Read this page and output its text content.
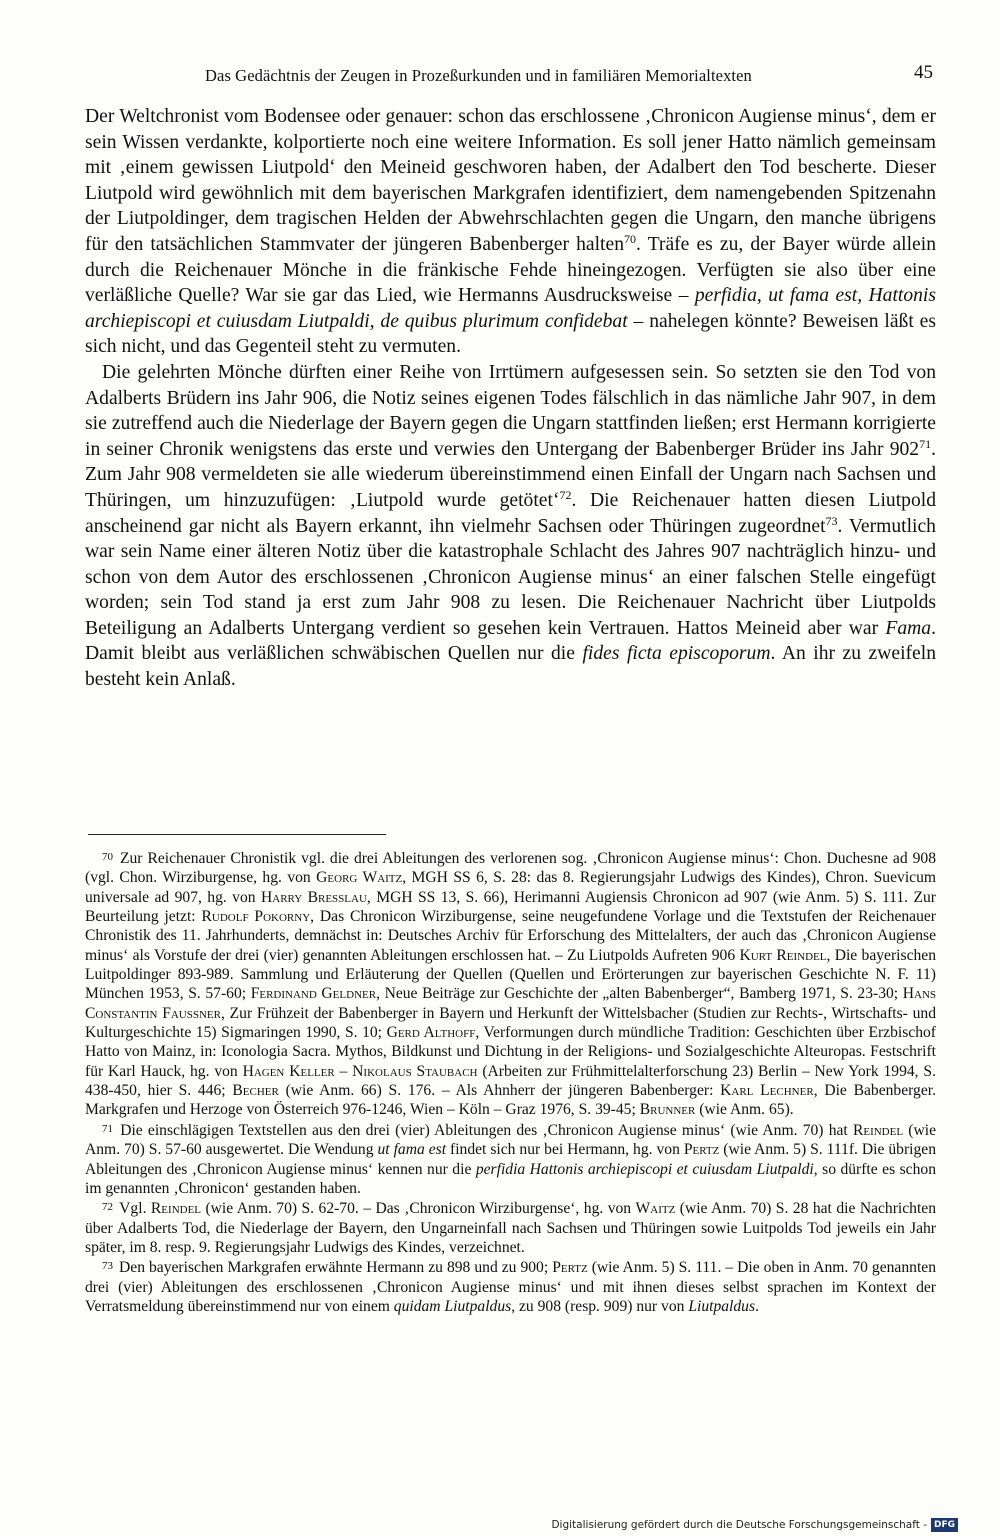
Das Gedächtnis der Zeugen in Prozeßurkunden und in familiären Memorialtexten	45

Der Weltchronist vom Bodensee oder genauer: schon das erschlossene ‚Chronicon Augiense minus‘, dem er sein Wissen verdankte, kolportierte noch eine weitere Information. Es soll jener Hatto nämlich gemeinsam mit ‚einem gewissen Liutpold‘ den Meineid geschworen haben, der Adalbert den Tod bescherte. Dieser Liutpold wird gewöhnlich mit dem bayerischen Markgrafen identifiziert, dem namengebenden Spitzenahn der Liutpoldinger, dem tragischen Helden der Abwehrschlachten gegen die Ungarn, den manche übrigens für den tatsächlichen Stammvater der jüngeren Babenberger halten$^{70}$. Träfe es zu, der Bayer würde allein durch die Reichenauer Mönche in die fränkische Fehde hineingezogen. Verfügten sie also über eine verläßliche Quelle? War sie gar das Lied, wie Hermanns Ausdrucksweise – perfidia, ut fama est, Hattonis archiepiscopi et cuiusdam Liutpaldi, de quibus plurimum confidebat – nahelegen könnte? Beweisen läßt es sich nicht, und das Gegenteil steht zu vermuten.

Die gelehrten Mönche dürften einer Reihe von Irrtümern aufgesessen sein. So setzten sie den Tod von Adalberts Brüdern ins Jahr 906, die Notiz seines eigenen Todes fälschlich in das nämliche Jahr 907, in dem sie zutreffend auch die Niederlage der Bayern gegen die Ungarn stattfinden ließen; erst Hermann korrigierte in seiner Chronik wenigstens das erste und verwies den Untergang der Babenberger Brüder ins Jahr $902^{71}$. Zum Jahr 908 vermeldeten sie alle wiederum übereinstimmend einen Einfall der Ungarn nach Sachsen und Thüringen, um hinzuzufügen: ‚Liutpold wurde getötet‘$^{72}$. Die Reichenauer hatten diesen Liutpold anscheinend gar nicht als Bayern erkannt, ihn vielmehr Sachsen oder Thüringen zugeordnet$^{73}$. Vermutlich war sein Name einer älteren Notiz über die katastrophale Schlacht des Jahres 907 nachträglich hinzu- und schon von dem Autor des erschlossenen ‚Chronicon Augiense minus‘ an einer falschen Stelle eingefügt worden; sein Tod stand ja erst zum Jahr 908 zu lesen. Die Reichenauer Nachricht über Liutpolds Beteiligung an Adalberts Untergang verdient so gesehen kein Vertrauen. Hattos Meineid aber war Fama. Damit bleibt aus verläßlichen schwäbischen Quellen nur die fides ficta episcoporum. An ihr zu zweifeln besteht kein Anlaß.

70 Zur Reichenauer Chronistik vgl. die drei Ableitungen des verlorenen sog. ‚Chronicon Augiense minus‘: Chon. Duchesne ad 908 (vgl. Chon. Wirziburgense, hg. von Georg Waitz, MGH SS 6, S. 28: das 8. Regierungsjahr Ludwigs des Kindes), Chron. Suevicum universale ad 907, hg. von Harry Bresslau, MGH SS 13, S. 66), Herimanni Augiensis Chronicon ad 907 (wie Anm. 5) S. 111. Zur Beurteilung jetzt: Rudolf Pokorny, Das Chronicon Wirziburgense, seine neugefundene Vorlage und die Textstufen der Reichenauer Chronistik des 11. Jahrhunderts, demnächst in: Deutsches Archiv für Erforschung des Mittelalters, der auch das ‚Chronicon Augiense minus‘ als Vorstufe der drei (vier) genannten Ableitungen erschlossen hat. – Zu Liutpolds Aufreten 906 Kurt Reindel, Die bayerischen Luitpoldinger 893-989. Sammlung und Erläuterung der Quellen (Quellen und Erörterungen zur bayerischen Geschichte N. F. 11) München 1953, S. 57-60; Ferdinand Geldner, Neue Beiträge zur Geschichte der „alten Babenberger“, Bamberg 1971, S. 23-30; Hans Constantin Faussner, Zur Frühzeit der Babenberger in Bayern und Herkunft der Wittelsbacher (Studien zur Rechts-, Wirtschafts- und Kulturgeschichte 15) Sigmaringen 1990, S. 10; Gerd Althoff, Verformungen durch mündliche Tradition: Geschichten über Erzbischof Hatto von Mainz, in: Iconologia Sacra. Mythos, Bildkunst und Dichtung in der Religions- und Sozialgeschichte Alteuropas. Festschrift für Karl Hauck, hg. von Hagen Keller – Nikolaus Staubach (Arbeiten zur Frühmittelalterforschung 23) Berlin – New York 1994, S. 438-450, hier S. 446; Becher (wie Anm. 66) S. 176. – Als Ahnherr der jüngeren Babenberger: Karl Lechner, Die Babenberger. Markgrafen und Herzoge von Österreich 976-1246, Wien – Köln – Graz 1976, S. 39-45; Brunner (wie Anm. 65).

71 Die einschlägigen Textstellen aus den drei (vier) Ableitungen des ‚Chronicon Augiense minus‘ (wie Anm. 70) hat Reindel (wie Anm. 70) S. 57-60 ausgewertet. Die Wendung ut fama est findet sich nur bei Hermann, hg. von Pertz (wie Anm. 5) S. 111f. Die übrigen Ableitungen des ‚Chronicon Augiense minus‘ kennen nur die perfidia Hattonis archiepiscopi et cuiusdam Liutpaldi, so dürfte es schon im genannten ‚Chronicon‘ gestanden haben.

72 Vgl. Reindel (wie Anm. 70) S. 62-70. – Das ‚Chronicon Wirziburgense‘, hg. von Waitz (wie Anm. 70) S. 28 hat die Nachrichten über Adalberts Tod, die Niederlage der Bayern, den Ungarneinfall nach Sachsen und Thüringen sowie Luitpolds Tod jeweils ein Jahr später, im 8. resp. 9. Regierungsjahr Ludwigs des Kindes, verzeichnet.

73 Den bayerischen Markgrafen erwähnte Hermann zu 898 und zu 900; Pertz (wie Anm. 5) S. 111. – Die oben in Anm. 70 genannten drei (vier) Ableitungen des erschlossenen ‚Chronicon Augiense minus‘ und mit ihnen dieses selbst sprachen im Kontext der Verratsmeldung übereinstimmend nur von einem quidam Liutpaldus, zu 908 (resp. 909) nur von Liutpaldus.

Digitalisierung gefördert durch die Deutsche Forschungsgemeinschaft - DFG
